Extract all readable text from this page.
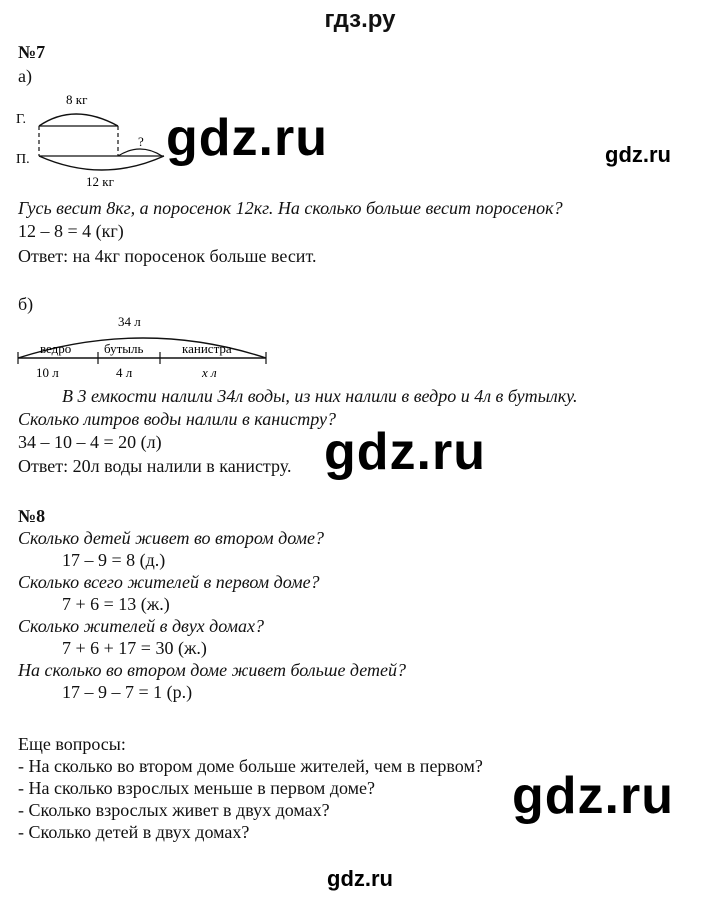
гдз.ру
№7
а)
8 кг
Г.
П.
?
12 кг
Гусь весит 8кг, а поросенок 12кг. На сколько больше весит поросенок?
12 – 8 = 4 (кг)
Ответ: на 4кг поросенок больше весит.
б)
34 л
ведро	бутыль	канистра
10 л	4 л	x л
В 3 емкости налили 34л воды, из них налили в ведро и 4л в бутылку.
Сколько литров воды налили в канистру?
34 – 10 – 4 = 20 (л)
Ответ: 20л воды налили в канистру.
№8
Сколько детей живет во втором доме?
17 – 9 = 8 (д.)
Сколько всего жителей в первом доме?
7 + 6 = 13 (ж.)
Сколько жителей в двух домах?
7 + 6 + 17 = 30 (ж.)
На сколько во втором доме живет больше детей?
17 – 9 – 7 = 1 (р.)
Еще вопросы:
- На сколько во втором доме больше жителей, чем в первом?
- На сколько взрослых меньше в первом доме?
- Сколько взрослых живет в двух домах?
- Сколько детей в двух домах?
gdz.ru	gdz.ru
gdz.ru
gdz.ru
gdz.ru
